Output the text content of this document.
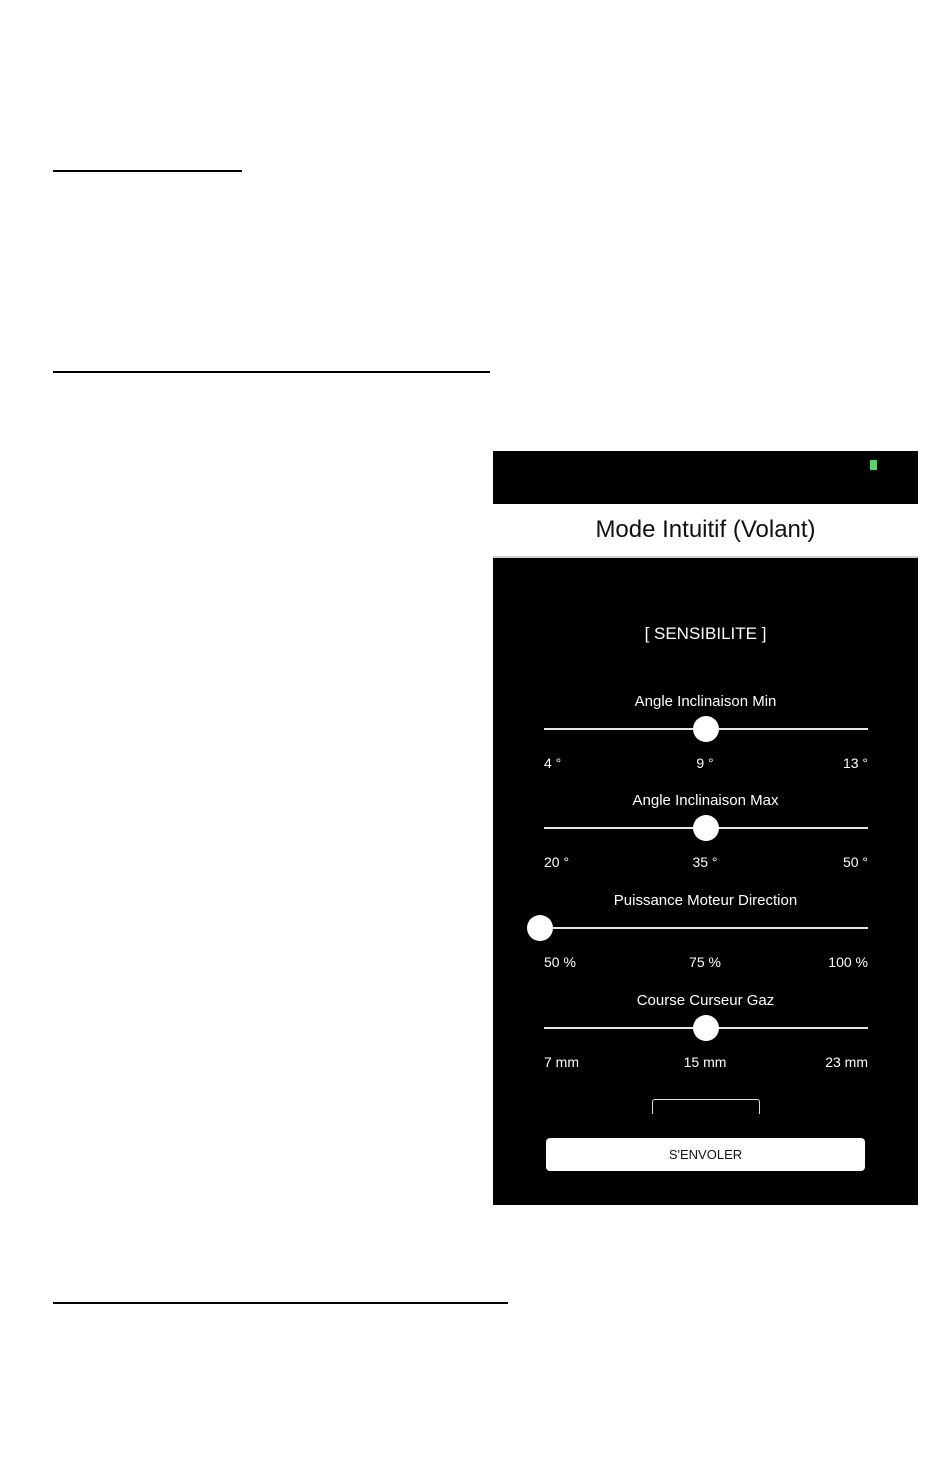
Mode Intuitif (Volant)
[ SENSIBILITE ]
Angle Inclinaison Min
4 °	9 °	13 °
Angle Inclinaison Max
20 °	35 °	50 °
Puissance Moteur Direction
50 %	75 %	100 %
Course Curseur Gaz
7 mm	15 mm	23 mm
S'ENVOLER
